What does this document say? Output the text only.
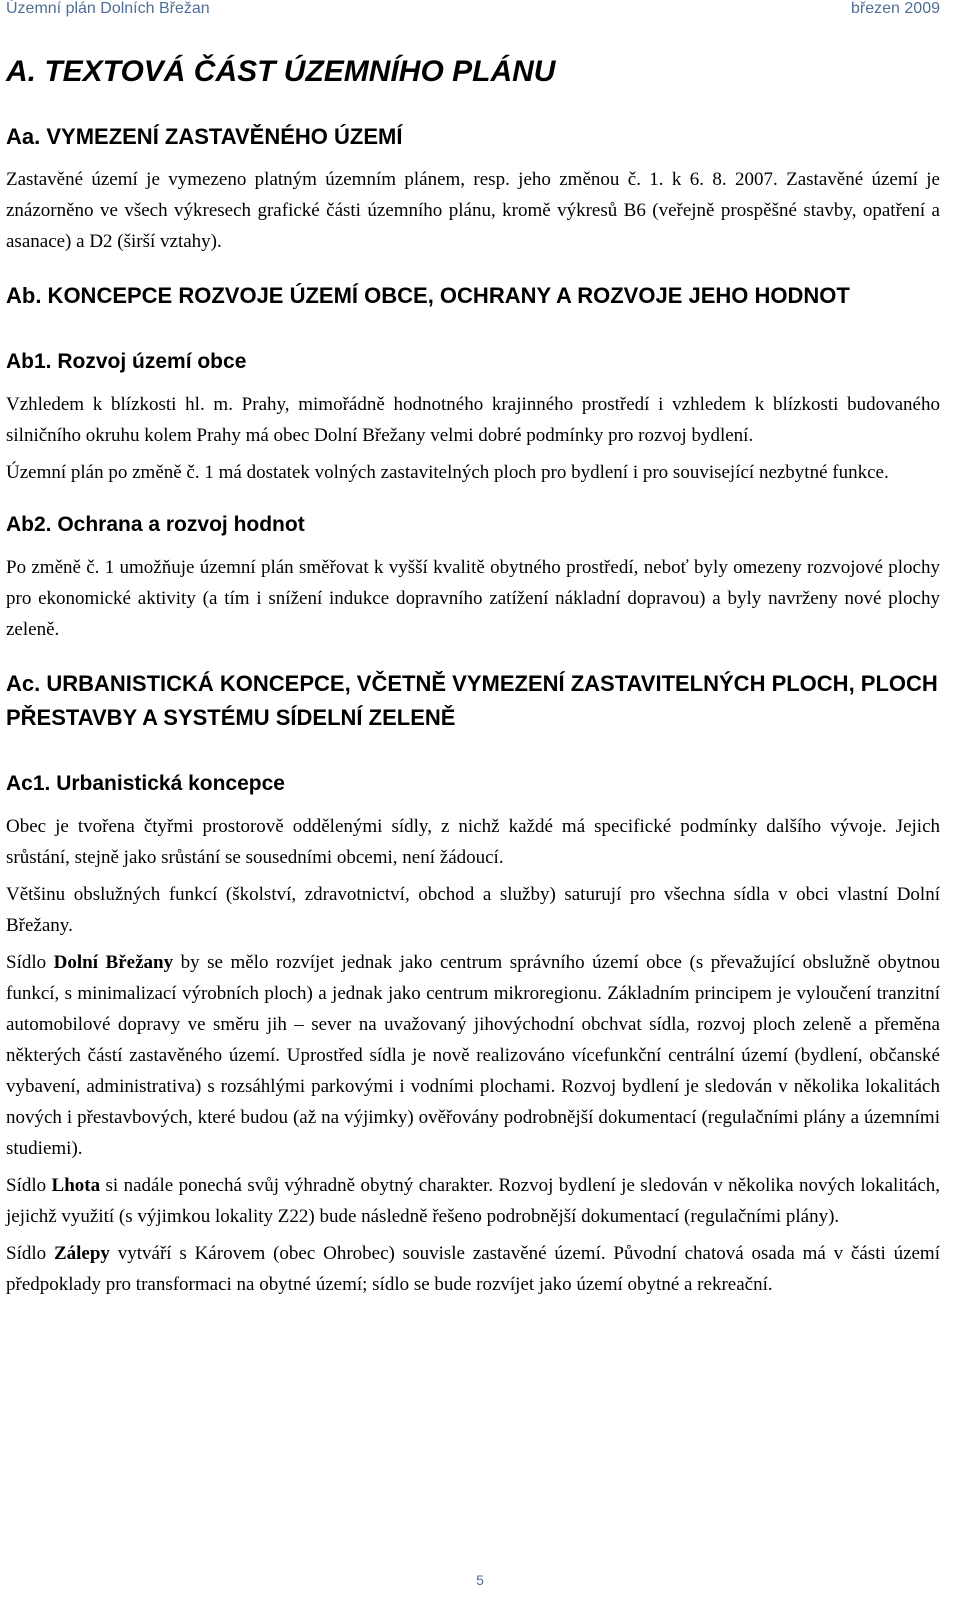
Územní plán Dolních Břežan	březen 2009
A. TEXTOVÁ ČÁST ÚZEMNÍHO PLÁNU
Aa. VYMEZENÍ ZASTAVĚNÉHO ÚZEMÍ

Zastavěné území je vymezeno platným územním plánem, resp. jeho změnou č. 1. k 6. 8. 2007. Zastavěné území je znázorněno ve všech výkresech grafické části územního plánu, kromě výkresů B6 (veřejně prospěšné stavby, opatření a asanace) a D2 (širší vztahy).

Ab. KONCEPCE ROZVOJE ÚZEMÍ OBCE, OCHRANY A ROZVOJE JEHO HODNOT
Ab1. Rozvoj území obce

Vzhledem k blízkosti hl. m. Prahy, mimořádně hodnotného krajinného prostředí i vzhledem k blízkosti budovaného silničního okruhu kolem Prahy má obec Dolní Břežany velmi dobré podmínky pro rozvoj bydlení.

Územní plán po změně č. 1 má dostatek volných zastavitelných ploch pro bydlení i pro související nezbytné funkce.

Ab2. Ochrana a rozvoj hodnot

Po změně č. 1 umožňuje územní plán směřovat k vyšší kvalitě obytného prostředí, neboť byly omezeny rozvojové plochy pro ekonomické aktivity (a tím i snížení indukce dopravního zatížení nákladní dopravou) a byly navrženy nové plochy zeleně.

Ac. URBANISTICKÁ KONCEPCE, VČETNĚ VYMEZENÍ ZASTAVITELNÝCH PLOCH, PLOCH PŘESTAVBY A SYSTÉMU SÍDELNÍ ZELENĚ
Ac1. Urbanistická koncepce

Obec je tvořena čtyřmi prostorově oddělenými sídly, z nichž každé má specifické podmínky dalšího vývoje. Jejich srůstání, stejně jako srůstání se sousedními obcemi, není žádoucí.

Většinu obslužných funkcí (školství, zdravotnictví, obchod a služby) saturují pro všechna sídla v obci vlastní Dolní Břežany.

Sídlo Dolní Břežany by se mělo rozvíjet jednak jako centrum správního území obce (s převažující obslužně obytnou funkcí, s minimalizací výrobních ploch) a jednak jako centrum mikroregionu. Základním principem je vyloučení tranzitní automobilové dopravy ve směru jih – sever na uvažovaný jihovýchodní obchvat sídla, rozvoj ploch zeleně a přeměna některých částí zastavěného území. Uprostřed sídla je nově realizováno vícefunkční centrální území (bydlení, občanské vybavení, administrativa) s rozsáhlými parkovými i vodními plochami. Rozvoj bydlení je sledován v několika lokalitách nových i přestavbových, které budou (až na výjimky) ověřovány podrobnější dokumentací (regulačními plány a územními studiemi).

Sídlo Lhota si nadále ponechá svůj výhradně obytný charakter. Rozvoj bydlení je sledován v několika nových lokalitách, jejichž využití (s výjimkou lokality Z22) bude následně řešeno podrobnější dokumentací (regulačními plány).

Sídlo Zálepy vytváří s Károvem (obec Ohrobec) souvisle zastavěné území. Původní chatová osada má v části území předpoklady pro transformaci na obytné území; sídlo se bude rozvíjet jako území obytné a rekreační.

5
